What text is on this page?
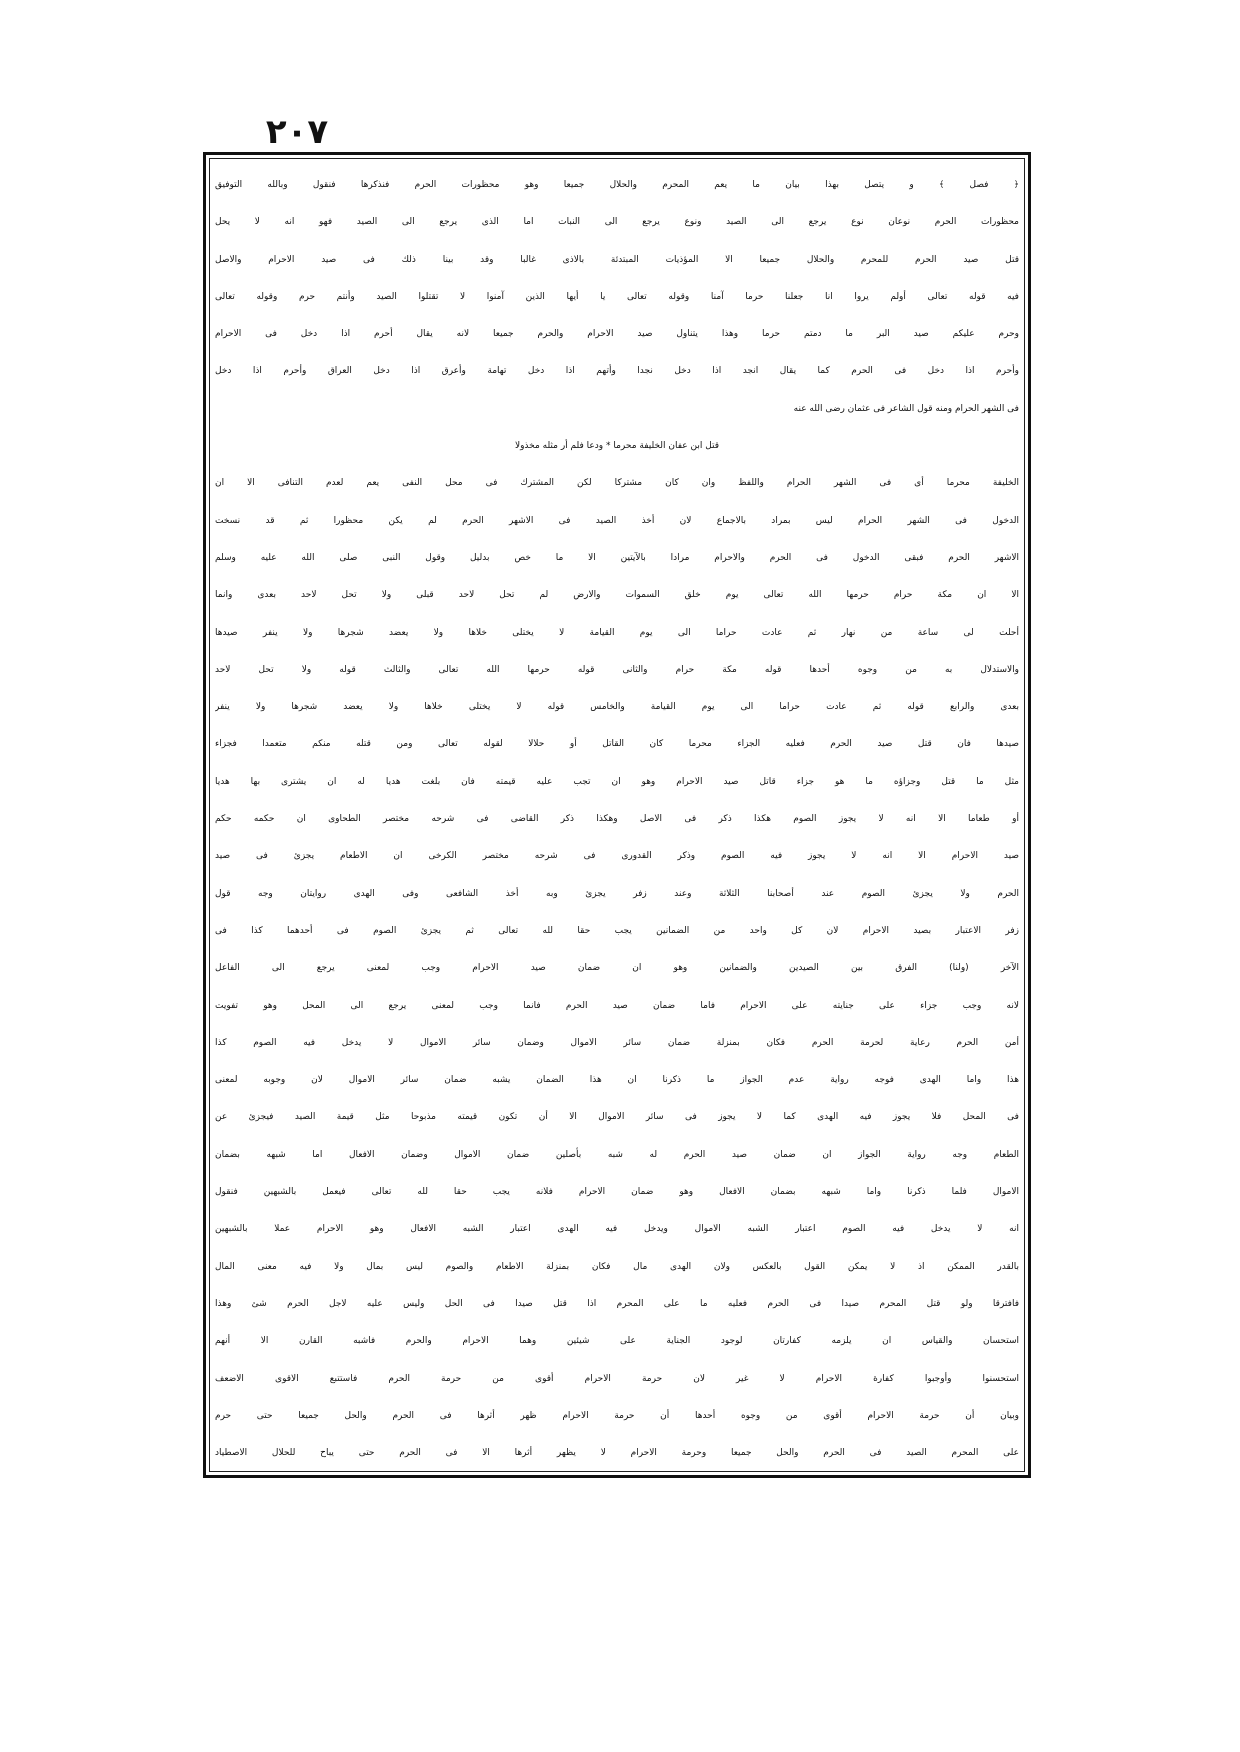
۲۰۷
﴿ فصل ﴾ و يتصل بهذا بيان ما يعم المحرم والحلال جميعا وهو محظورات الحرم فنذكرها فنقول وبالله التوفيق
محظورات الحرم نوعان نوع يرجع الى الصيد ونوع يرجع الى النبات اما الذى يرجع الى الصيد فهو انه لا يحل
قتل صيد الحرم للمحرم والحلال جميعا الا المؤذيات المبتدئة بالاذى غالبا وقد بينا ذلك فى صيد الاحرام والاصل
فيه قوله تعالى أولم يروا انا جعلنا حرما آمنا وقوله تعالى يا أيها الذين آمنوا لا تقتلوا الصيد وأنتم حرم وقوله تعالى
وحرم عليكم صيد البر ما دمتم حرما وهذا يتناول صيد الاحرام والحرم جميعا لانه يقال أحرم اذا دخل فى الاحرام
وأحرم اذا دخل فى الحرم كما يقال انجد اذا دخل نجدا وأتهم اذا دخل تهامة وأعرق اذا دخل العراق وأحرم اذا دخل
فى الشهر الحرام ومنه قول الشاعر فى عثمان رضى الله عنه
قتل ابن عفان الخليفة محرما * ودعا فلم أر مثله مخذولا
الخليفة محرما أى فى الشهر الحرام واللفظ وان كان مشتركا لكن المشترك فى محل النفى يعم لعدم التنافى الا ان
الدخول فى الشهر الحرام ليس بمراد بالاجماع لان أخذ الصيد فى الاشهر الحرم لم يكن محظورا ثم قد نسخت
الاشهر الحرم فبقى الدخول فى الحرم والاحرام مرادا بالآيتين الا ما خص بدليل وقول النبى صلى الله عليه وسلم
الا ان مكة حرام حرمها الله تعالى يوم خلق السموات والارض لم تحل لاحد قبلى ولا تحل لاحد بعدى وانما
أحلت لى ساعة من نهار ثم عادت حراما الى يوم القيامة لا يختلى خلاها ولا يعضد شجرها ولا ينفر صيدها
والاستدلال به من وجوه أحدها قوله مكة حرام والثانى قوله حرمها الله تعالى والثالث قوله ولا تحل لاحد
بعدى والرابع قوله ثم عادت حراما الى يوم القيامة والخامس قوله لا يختلى خلاها ولا يعضد شجرها ولا ينفر
صيدها فان قتل صيد الحرم فعليه الجزاء محرما كان القاتل أو حلالا لقوله تعالى ومن قتله منكم متعمدا فجزاء
مثل ما قتل وجزاؤه ما هو جزاء قاتل صيد الاحرام وهو ان تجب عليه قيمته فان بلغت هديا له ان يشترى بها هديا
أو طعاما الا انه لا يجوز الصوم هكذا ذكر فى الاصل وهكذا ذكر القاضى فى شرحه مختصر الطحاوى ان حكمه حكم
صيد الاحرام الا انه لا يجوز فيه الصوم وذكر القدورى فى شرحه مختصر الكرخى ان الاطعام يجزئ فى صيد
الحرم ولا يجزئ الصوم عند أصحابنا الثلاثة وعند زفر يجزئ وبه أخذ الشافعى وفى الهدى روايتان وجه قول
زفر الاعتبار بصيد الاحرام لان كل واحد من الضمانين يجب حقا لله تعالى ثم يجزئ الصوم فى أحدهما كذا فى
الآخر (ولنا) الفرق بين الصيدين والضمانين وهو ان ضمان صيد الاحرام وجب لمعنى يرجع الى الفاعل
لانه وجب جزاء على جنايته على الاحرام فاما ضمان صيد الحرم فانما وجب لمعنى يرجع الى المحل وهو تفويت
أمن الحرم رعاية لحرمة الحرم فكان بمنزلة ضمان سائر الاموال وضمان سائر الاموال لا يدخل فيه الصوم كذا
هذا واما الهدى فوجه رواية عدم الجواز ما ذكرنا ان هذا الضمان يشبه ضمان سائر الاموال لان وجوبه لمعنى
فى المحل فلا يجوز فيه الهدى كما لا يجوز فى سائر الاموال الا أن تكون قيمته مذبوحا مثل قيمة الصيد فيجزئ عن
الطعام وجه رواية الجواز ان ضمان صيد الحرم له شبه بأصلين ضمان الاموال وضمان الافعال اما شبهه بضمان
الاموال فلما ذكرنا واما شبهه بضمان الافعال وهو ضمان الاحرام فلانه يجب حقا لله تعالى فيعمل بالشبهين فنقول
انه لا يدخل فيه الصوم اعتبار الشبه الاموال ويدخل فيه الهدى اعتبار الشبه الافعال وهو الاحرام عملا بالشبهين
بالقدر الممكن اذ لا يمكن القول بالعكس ولان الهدى مال فكان بمنزلة الاطعام والصوم ليس بمال ولا فيه معنى المال
فافترقا ولو قتل المحرم صيدا فى الحرم فعليه ما على المحرم اذا قتل صيدا فى الحل وليس عليه لاجل الحرم شئ وهذا
استحسان والقياس ان يلزمه كفارتان لوجود الجناية على شيئين وهما الاحرام والحرم فاشبه القارن الا أنهم
استحسنوا وأوجبوا كفارة الاحرام لا غير لان حرمة الاحرام أقوى من حرمة الحرم فاستتبع الاقوى الاضعف
وبيان أن حرمة الاحرام أقوى من وجوه أحدها أن حرمة الاحرام ظهر أثرها فى الحرم والحل جميعا حتى حرم
على المحرم الصيد فى الحرم والحل جميعا وحرمة الاحرام لا يظهر أثرها الا فى الحرم حتى يباح للحلال الاصطياد
